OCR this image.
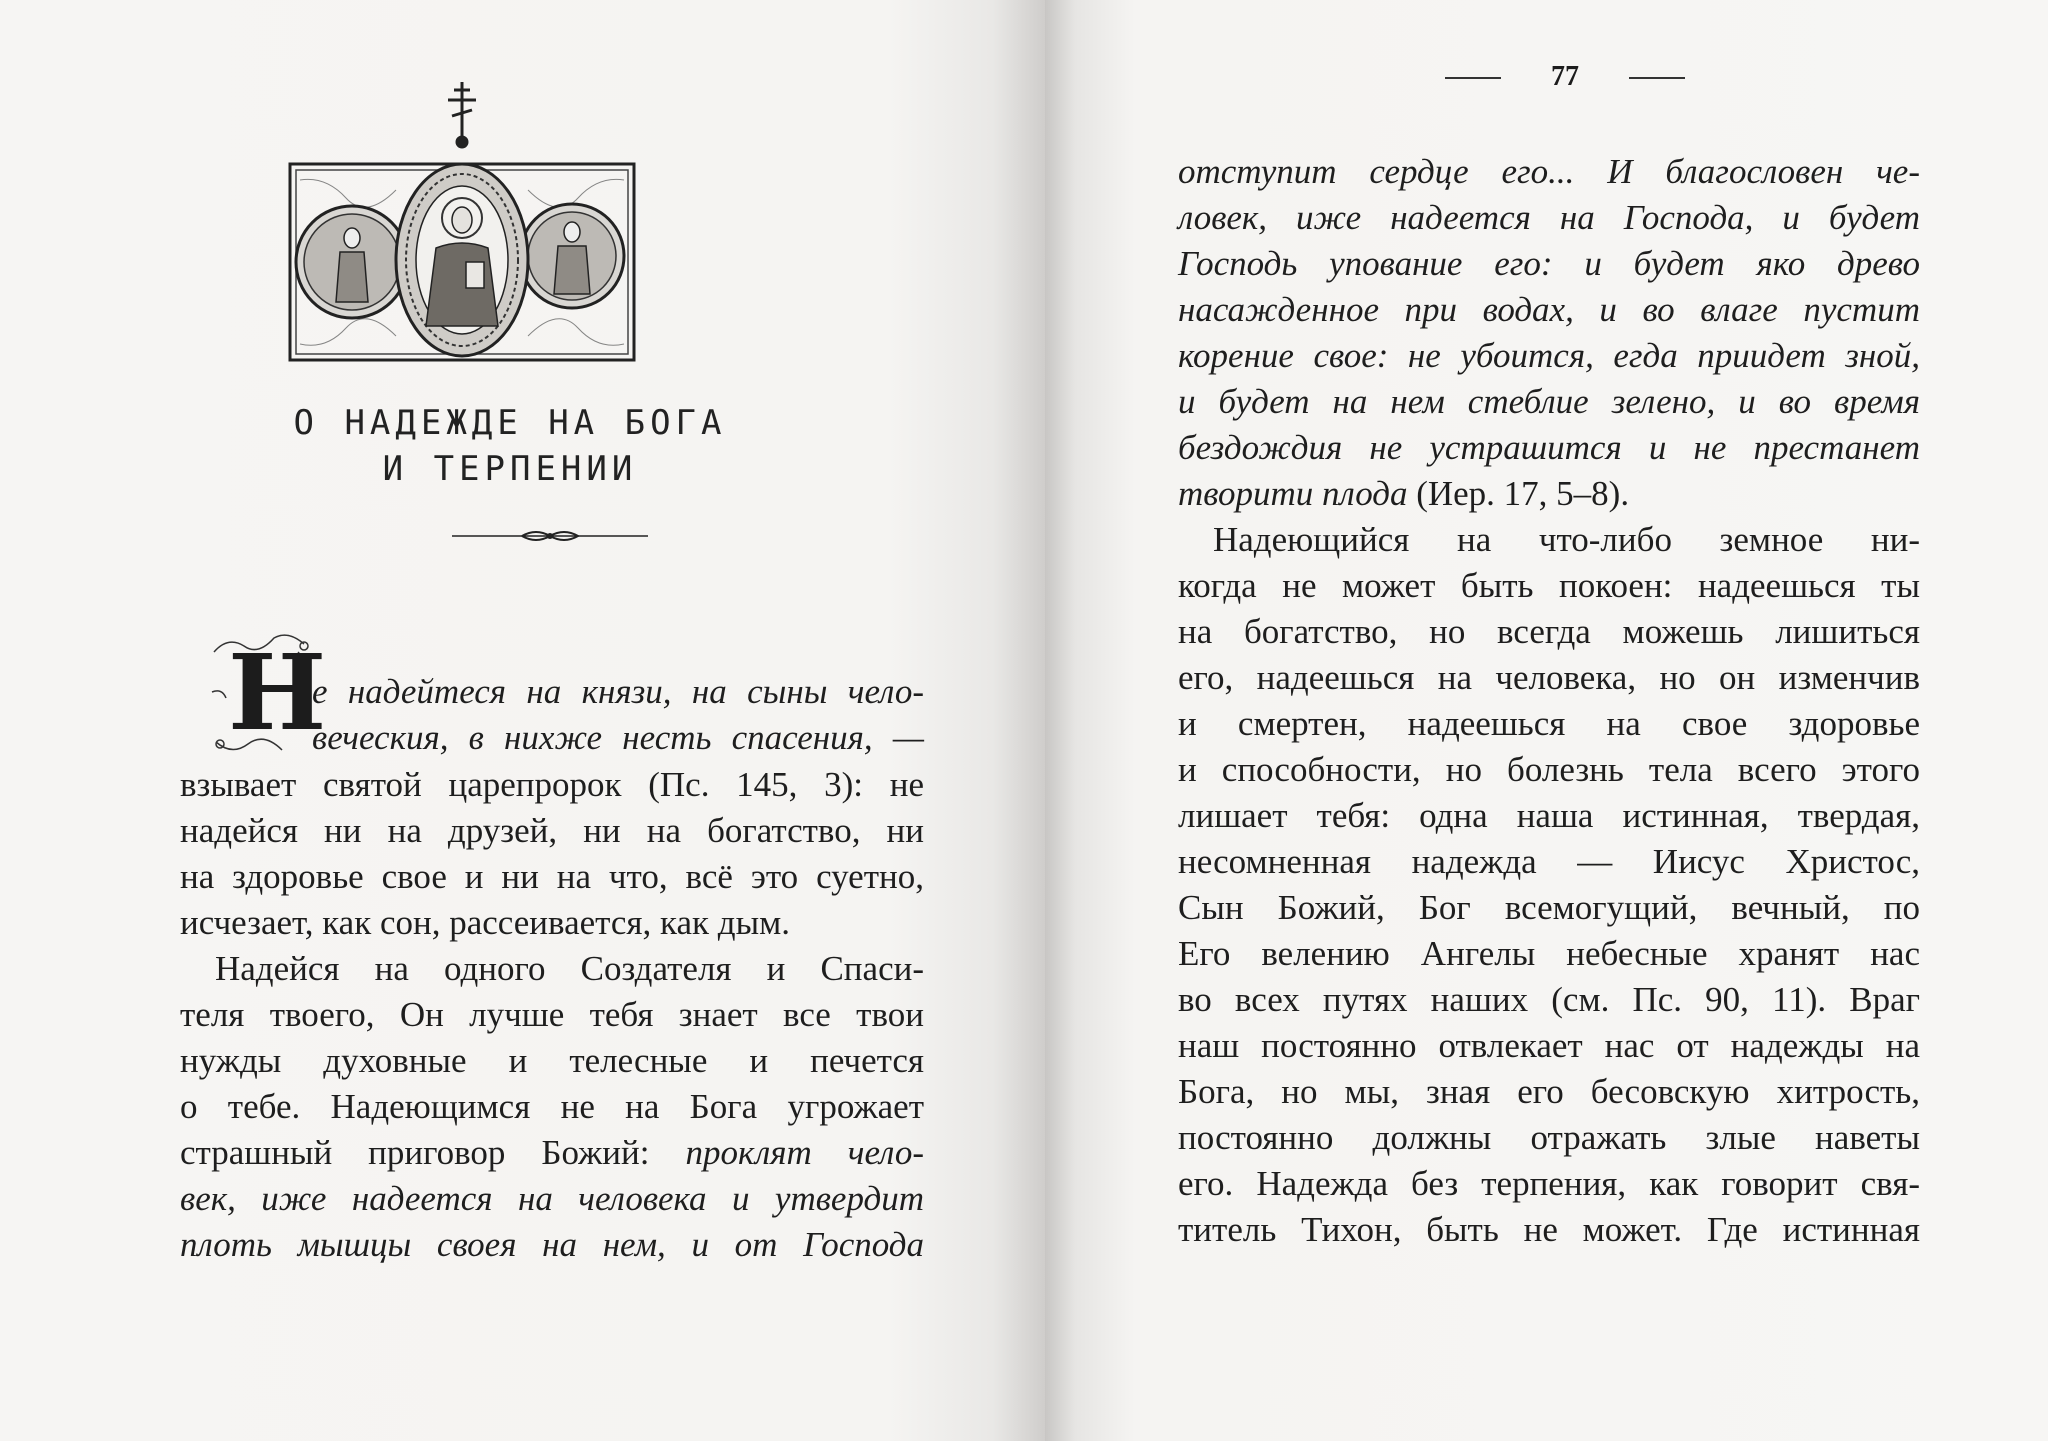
О НАДЕЖДЕ НА БОГА
И ТЕРПЕНИИ
Н
е надейтеся на князи, на сыны чело-
веческия, в нихже несть спасения, —
взывает святой царепророк (Пс. 145, 3): не
надейся ни на друзей, ни на богатство, ни
на здоровье свое и ни на что, всё это суетно,
исчезает, как сон, рассеивается, как дым.
 Надейся на одного Создателя и Спаси-
теля твоего, Он лучше тебя знает все твои
нужды духовные и телесные и печется
о тебе. Надеющимся не на Бога угрожает
страшный приговор Божий: проклят чело-
век, иже надеется на человека и утвердит
плоть мышцы своея на нем, и от Господа
77
отступит сердце его... И благословен че-
ловек, иже надеется на Господа, и будет
Господь упование его: и будет яко древо
насажденное при водах, и во влаге пустит
корение свое: не убоится, егда приидет зной,
и будет на нем стеблие зелено, и во время
бездождия не устрашится и не престанет
творити плода (Иер. 17, 5–8).
 Надеющийся на что-либо земное ни-
когда не может быть покоен: надеешься ты
на богатство, но всегда можешь лишиться
его, надеешься на человека, но он изменчив
и смертен, надеешься на свое здоровье
и способности, но болезнь тела всего этого
лишает тебя: одна наша истинная, твердая,
несомненная надежда — Иисус Христос,
Сын Божий, Бог всемогущий, вечный, по
Его велению Ангелы небесные хранят нас
во всех путях наших (см. Пс. 90, 11). Враг
наш постоянно отвлекает нас от надежды на
Бога, но мы, зная его бесовскую хитрость,
постоянно должны отражать злые наветы
его. Надежда без терпения, как говорит свя-
титель Тихон, быть не может. Где истинная
